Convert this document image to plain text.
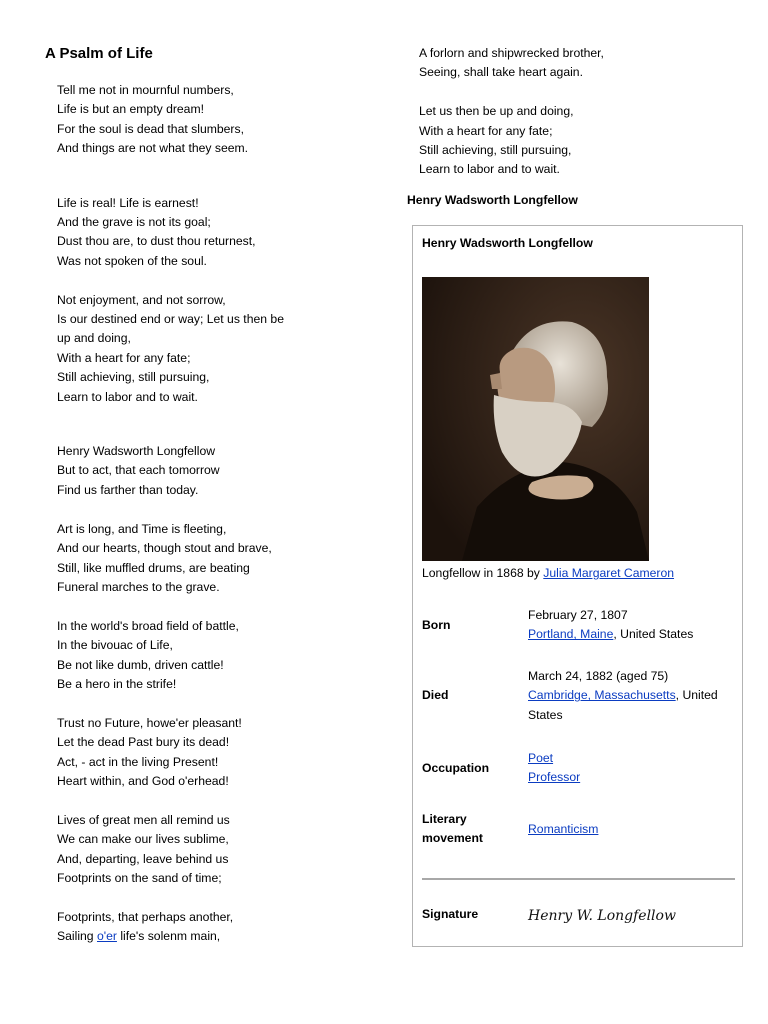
A Psalm of Life
Tell me not in mournful numbers,
Life is but an empty dream!
For the soul is dead that slumbers,
And things are not what they seem.
Life is real! Life is earnest!
And the grave is not its goal;
Dust thou are, to dust thou returnest,
Was not spoken of the soul.
Not enjoyment, and not sorrow,
Is our destined end or way; Let us then be
up and doing,
With a heart for any fate;
Still achieving, still pursuing,
Learn to labor and to wait.
Henry Wadsworth Longfellow
But to act, that each tomorrow
Find us farther than today.
Art is long, and Time is fleeting,
And our hearts, though stout and brave,
Still, like muffled drums, are beating
Funeral marches to the grave.
In the world's broad field of battle,
In the bivouac of Life,
Be not like dumb, driven cattle!
Be a hero in the strife!
Trust no Future, howe'er pleasant!
Let the dead Past bury its dead!
Act, - act in the living Present!
Heart within, and God o'erhead!
Lives of great men all remind us
We can make our lives sublime,
And, departing, leave behind us
Footprints on the sand of time;
Footprints, that perhaps another,
Sailing o'er life's solenm main,
A forlorn and shipwrecked brother,
Seeing, shall take heart again.
Let us then be up and doing,
With a heart for any fate;
Still achieving, still pursuing,
Learn to labor and to wait.
Henry Wadsworth Longfellow
Henry Wadsworth Longfellow
Longfellow in 1868 by Julia Margaret Cameron
Born
February 27, 1807
Portland, Maine, United States
Died
March 24, 1882 (aged 75)
Cambridge, Massachusetts, United States
Occupation
Poet
Professor
Literary
movement
Romanticism
Signature	Henry W. Longfellow
